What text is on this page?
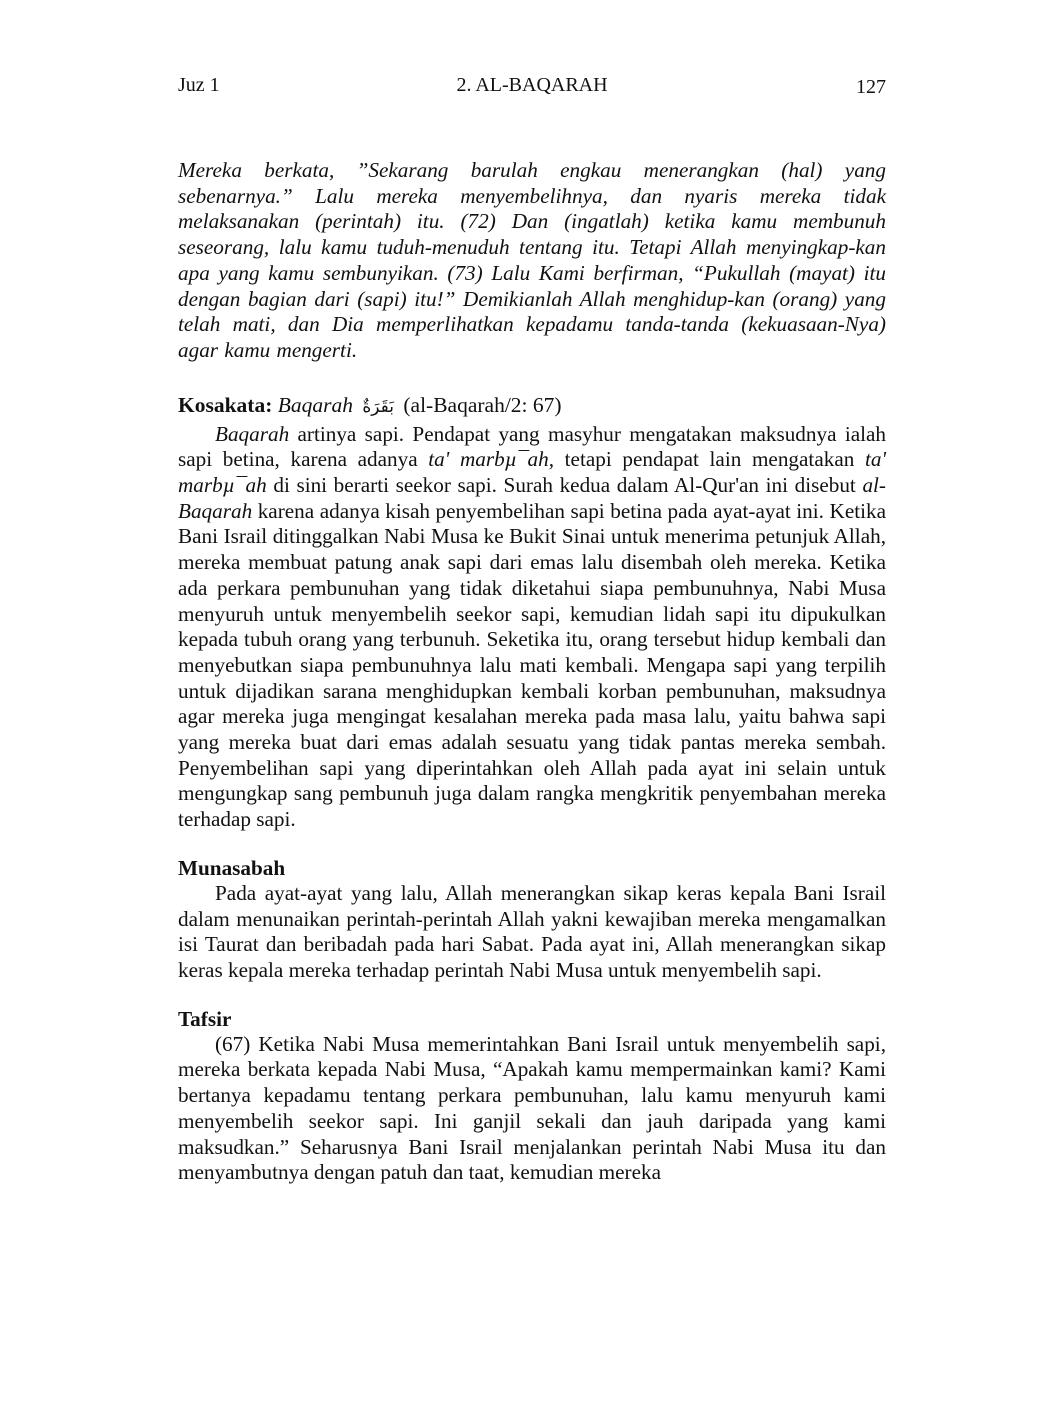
Juz 1	2. AL-BAQARAH	127

Mereka berkata, ”Sekarang barulah engkau menerangkan (hal) yang sebenarnya.” Lalu mereka menyembelihnya, dan nyaris mereka tidak melaksanakan (perintah) itu. (72) Dan (ingatlah) ketika kamu membunuh seseorang, lalu kamu tuduh-menuduh tentang itu. Tetapi Allah menyingkap-kan apa yang kamu sembunyikan. (73) Lalu Kami berfirman, “Pukullah (mayat) itu dengan bagian dari (sapi) itu!” Demikianlah Allah menghidup-kan (orang) yang telah mati, dan Dia memperlihatkan kepadamu tanda-tanda (kekuasaan-Nya) agar kamu mengerti.

Kosakata: Baqarah بَقَرَةٌ (al-Baqarah/2: 67)

Baqarah artinya sapi. Pendapat yang masyhur mengatakan maksudnya ialah sapi betina, karena adanya ta' marbµ¯ah, tetapi pendapat lain mengatakan ta' marbµ¯ah di sini berarti seekor sapi. Surah kedua dalam Al-Qur'an ini disebut al-Baqarah karena adanya kisah penyembelihan sapi betina pada ayat-ayat ini. Ketika Bani Israil ditinggalkan Nabi Musa ke Bukit Sinai untuk menerima petunjuk Allah, mereka membuat patung anak sapi dari emas lalu disembah oleh mereka. Ketika ada perkara pembunuhan yang tidak diketahui siapa pembunuhnya, Nabi Musa menyuruh untuk menyembelih seekor sapi, kemudian lidah sapi itu dipukulkan kepada tubuh orang yang terbunuh. Seketika itu, orang tersebut hidup kembali dan menyebutkan siapa pembunuhnya lalu mati kembali. Mengapa sapi yang terpilih untuk dijadikan sarana menghidupkan kembali korban pembunuhan, maksudnya agar mereka juga mengingat kesalahan mereka pada masa lalu, yaitu bahwa sapi yang mereka buat dari emas adalah sesuatu yang tidak pantas mereka sembah. Penyembelihan sapi yang diperintahkan oleh Allah pada ayat ini selain untuk mengungkap sang pembunuh juga dalam rangka mengkritik penyembahan mereka terhadap sapi.

Munasabah

Pada ayat-ayat yang lalu, Allah menerangkan sikap keras kepala Bani Israil dalam menunaikan perintah-perintah Allah yakni kewajiban mereka mengamalkan isi Taurat dan beribadah pada hari Sabat. Pada ayat ini, Allah menerangkan sikap keras kepala mereka terhadap perintah Nabi Musa untuk menyembelih sapi.

Tafsir

(67) Ketika Nabi Musa memerintahkan Bani Israil untuk menyembelih sapi, mereka berkata kepada Nabi Musa, “Apakah kamu mempermainkan kami? Kami bertanya kepadamu tentang perkara pembunuhan, lalu kamu menyuruh kami menyembelih seekor sapi. Ini ganjil sekali dan jauh daripada yang kami maksudkan.” Seharusnya Bani Israil menjalankan perintah Nabi Musa itu dan menyambutnya dengan patuh dan taat, kemudian mereka
